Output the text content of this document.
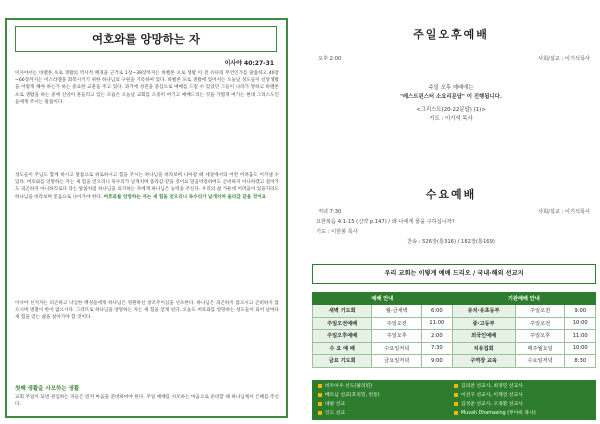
여호와를 앙망하는 자
이사야 40:27-31
이사야서는 바벨론 포로 생활의 역사적 배경을 근거로 1장~39장까지는 바벨론 포로 생활 이 전 유다의 무언인가를 말씀하고 40장~66장까지는 이스라엘을 회복시키기 위한 하나님의 구원을 기록하여 있다. 바벨론 포로 생활에 있어서는 오늘날 성도들이 신앙생활을 어떻게 해야 하는가 하는 중요한 교훈을 주고 있다. 과거에 성전을 중심으로 예배를 드릴 수 있었던 그들이 나라가 망하고 바벨론 포로 생활을 하는 중에 신앙이 흔들리고 있는 모습은 오늘날 교회를 소중히 여기고 예배드리는 것을 가볍게 여기는 현대 그리스도인들에게 주시는 말씀이다.
성도들이 주님도 함께 하시고 말씀으로 위로하시고 힘을 주시는 하나님을 바라보며 나아갈 때 세상에서의 어떤 어려움도 이겨낼 수 있다. 여호와를 앙망하는 자는 새 힘을 얻으리니 독수리가 날개치며 올라감 같을 것이요 달음박질하여도 곤비하지 아니하겠고 걸어가도 피곤하지 아니하리로다 라는 말씀처럼 하나님을 의지하는 자에게 하나님은 능력을 주신다. 우리의 삶 가운데 어려움이 있을지라도 하나님을 바라보며 믿음으로 나아가야 한다. 여호와를 앙망하는 자는 새 힘을 얻으리니 독수리가 날개치며 올라감 같을 것이요
이사야 선지자는 피곤하고 낙심한 백성들에게 하나님은 영원하신 창조주이심을 선포한다. 하나님은 피곤하지 않으시고 곤비하지 않으시며 명철이 한이 없으시다. 그러므로 하나님을 앙망하는 자는 새 힘을 얻게 된다. 오늘도 여호와를 앙망하는 성도들이 되어 날마다 새 힘을 얻는 삶을 살아가야 할 것이다.
첫째 생활을 사모하는 생활
교회 주일이 되면 관심하는 자들은 먼저 마음을 준비하여야 한다. 주일 예배를 사모하는 마음으로 준비할 때 하나님께서 은혜를 주신다.
주일오후예배
오후 2:00	사회/설교 : 이기석목사
주일 오후 예배에는
"레스트핀스터 소요리문답" 이 진행됩니다.
<그리스도(20-22문답) (1)>
기도 : 이기석 목사
수요예배
저녁 7:30	사회/설교 : 이기석목사
요한복음 4:1-15 (신약 p.147) / 왜 나에게 물을 구하십니까?
기도 : 이한봉 목사
찬송 : 526장(통316) / 182장(통169)
우리 교회는 이렇게 예배 드리오 / 국내·해외 선교지
예배 안내			기관예배 안내		
새벽 기도회	월-금새벽	6:00	유치·유초등부	주일오전	9:00
주일오전예배	주일오전	11:00	중·고등부	주일오전	10:00
주일오후예배	주일오후	2:00	외국인예배	주일오후	11:00
수 요 예 배	수요일저녁	7:30	치유집회	매주월요일	10:00
금요 기도회	금요일저녁	9:00	구역장 교육	수요일저녁	8:30
비두아우 선도(필리핀)
베트남 선교(호치민, 빈동)
네팔 선교
인도 선교
김의찬 선교사, 최경민 선교사
이선구 선교사, 이계연 선교사
김성준 선교사, 오경환 선교사
Muvah Dhamasing (무아바 목사)
